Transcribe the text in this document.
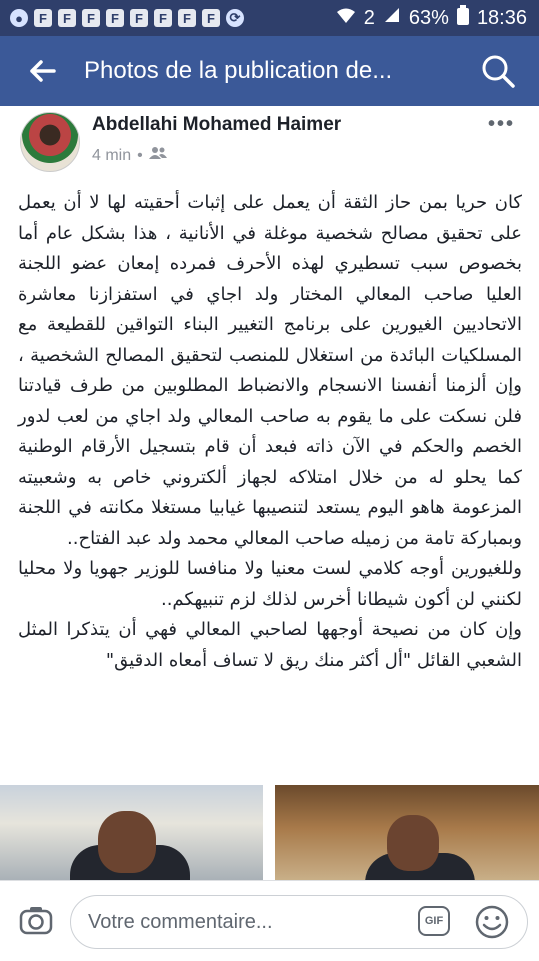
●	F	F	F	F	F	F	F	F	⟳	2 63% 18:36
Photos de la publication de...
Abdellahi Mohamed Haimer
4 min •
•••
كان حريا بمن حاز الثقة أن يعمل على إثبات أحقيته لها لا أن يعمل على تحقيق مصالح شخصية موغلة في الأنانية ، هذا بشكل عام أما بخصوص سبب تسطيري لهذه الأحرف فمرده إمعان عضو اللجنة العليا صاحب المعالي المختار ولد اجاي في استفزازنا معاشرة الاتحاديين الغيورين على برنامج التغيير البناء التواقين للقطيعة مع المسلكيات البائدة من استغلال للمنصب لتحقيق المصالح الشخصية ، وإن ألزمنا أنفسنا الانسجام والانضباط المطلوبين من طرف قيادتنا فلن نسكت على ما يقوم به صاحب المعالي ولد اجاي من لعب لدور الخصم والحكم في الآن ذاته فبعد أن قام بتسجيل الأرقام الوطنية كما يحلو له من خلال امتلاكه لجهاز ألكتروني خاص به وشعبيته المزعومة هاهو اليوم يستعد لتنصيبها غيابيا مستغلا مكانته في اللجنة وبمباركة تامة من زميله صاحب المعالي محمد ولد عبد الفتاح..
وللغيورين أوجه كلامي لست معنيا ولا منافسا للوزير جهويا ولا محليا لكنني لن أكون شيطانا أخرس لذلك لزم تنبيهكم..
وإن كان من نصيحة أوجهها لصاحبي المعالي فهي أن يتذكرا المثل الشعبي القائل "أل أكثر منك ريق لا تساف أمعاه الدقيق"
Votre commentaire...	GIF
